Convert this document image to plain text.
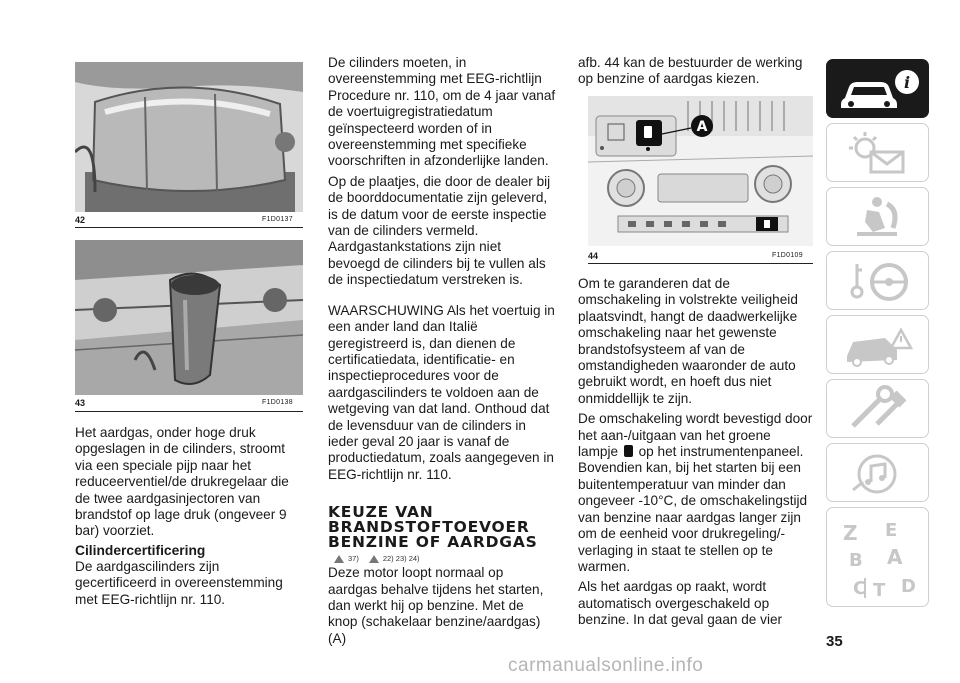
42	F1D0137
43	F1D0138

Het aardgas, onder hoge druk opgeslagen in de cilinders, stroomt via een speciale pijp naar het reduceerventiel/de drukregelaar die de twee aardgasinjectoren van brandstof op lage druk (ongeveer 9 bar) voorziet.

Cilindercertificering

De aardgascilinders zijn gecertificeerd in overeenstemming met EEG-richtlijn nr. 110.

De cilinders moeten, in overeenstemming met EEG-richtlijn Procedure nr. 110, om de 4 jaar vanaf de voertuigregistratiedatum geïnspecteerd worden of in overeenstemming met specifieke voorschriften in afzonderlijke landen.

Op de plaatjes, die door de dealer bij de boorddocumentatie zijn geleverd, is de datum voor de eerste inspectie van de cilinders vermeld. Aardgastankstations zijn niet bevoegd de cilinders bij te vullen als de inspectiedatum verstreken is.

WAARSCHUWING Als het voertuig in een ander land dan Italië geregistreerd is, dan dienen de certificatiedata, identificatie- en inspectieprocedures voor de aardgascilinders te voldoen aan de wetgeving van dat land. Onthoud dat de levensduur van de cilinders in ieder geval 20 jaar is vanaf de productiedatum, zoals aangegeven in EEG-richtlijn nr. 110.

KEUZE VAN

BRANDSTOFTOEVOER

BENZINE OF AARDGAS

37)	22) 23) 24)

Deze motor loopt normaal op aardgas behalve tijdens het starten, dan werkt hij op benzine. Met de knop (schakelaar benzine/aardgas) (A)

afb. 44 kan de bestuurder de werking op benzine of aardgas kiezen.

A
44	F1D0109

Om te garanderen dat de omschakeling in volstrekte veiligheid plaatsvindt, hangt de daadwerkelijke omschakeling naar het gewenste brandstofsysteem af van de omstandigheden waaronder de auto gebruikt wordt, en hoeft dus niet onmiddellijk te zijn.

De omschakeling wordt bevestigd door het aan-/uitgaan van het groene lampje op het instrumentenpaneel. Bovendien kan, bij het starten bij een buitentemperatuur van minder dan ongeveer -10°C, de omschakelingstijd van benzine naar aardgas langer zijn om de eenheid voor drukregeling/-verlaging in staat te stellen op te warmen.

Als het aardgas op raakt, wordt automatisch overgeschakeld op benzine. In dat geval gaan de vier

i
Z E
B A
C T D
35
carmanualsonline.info
